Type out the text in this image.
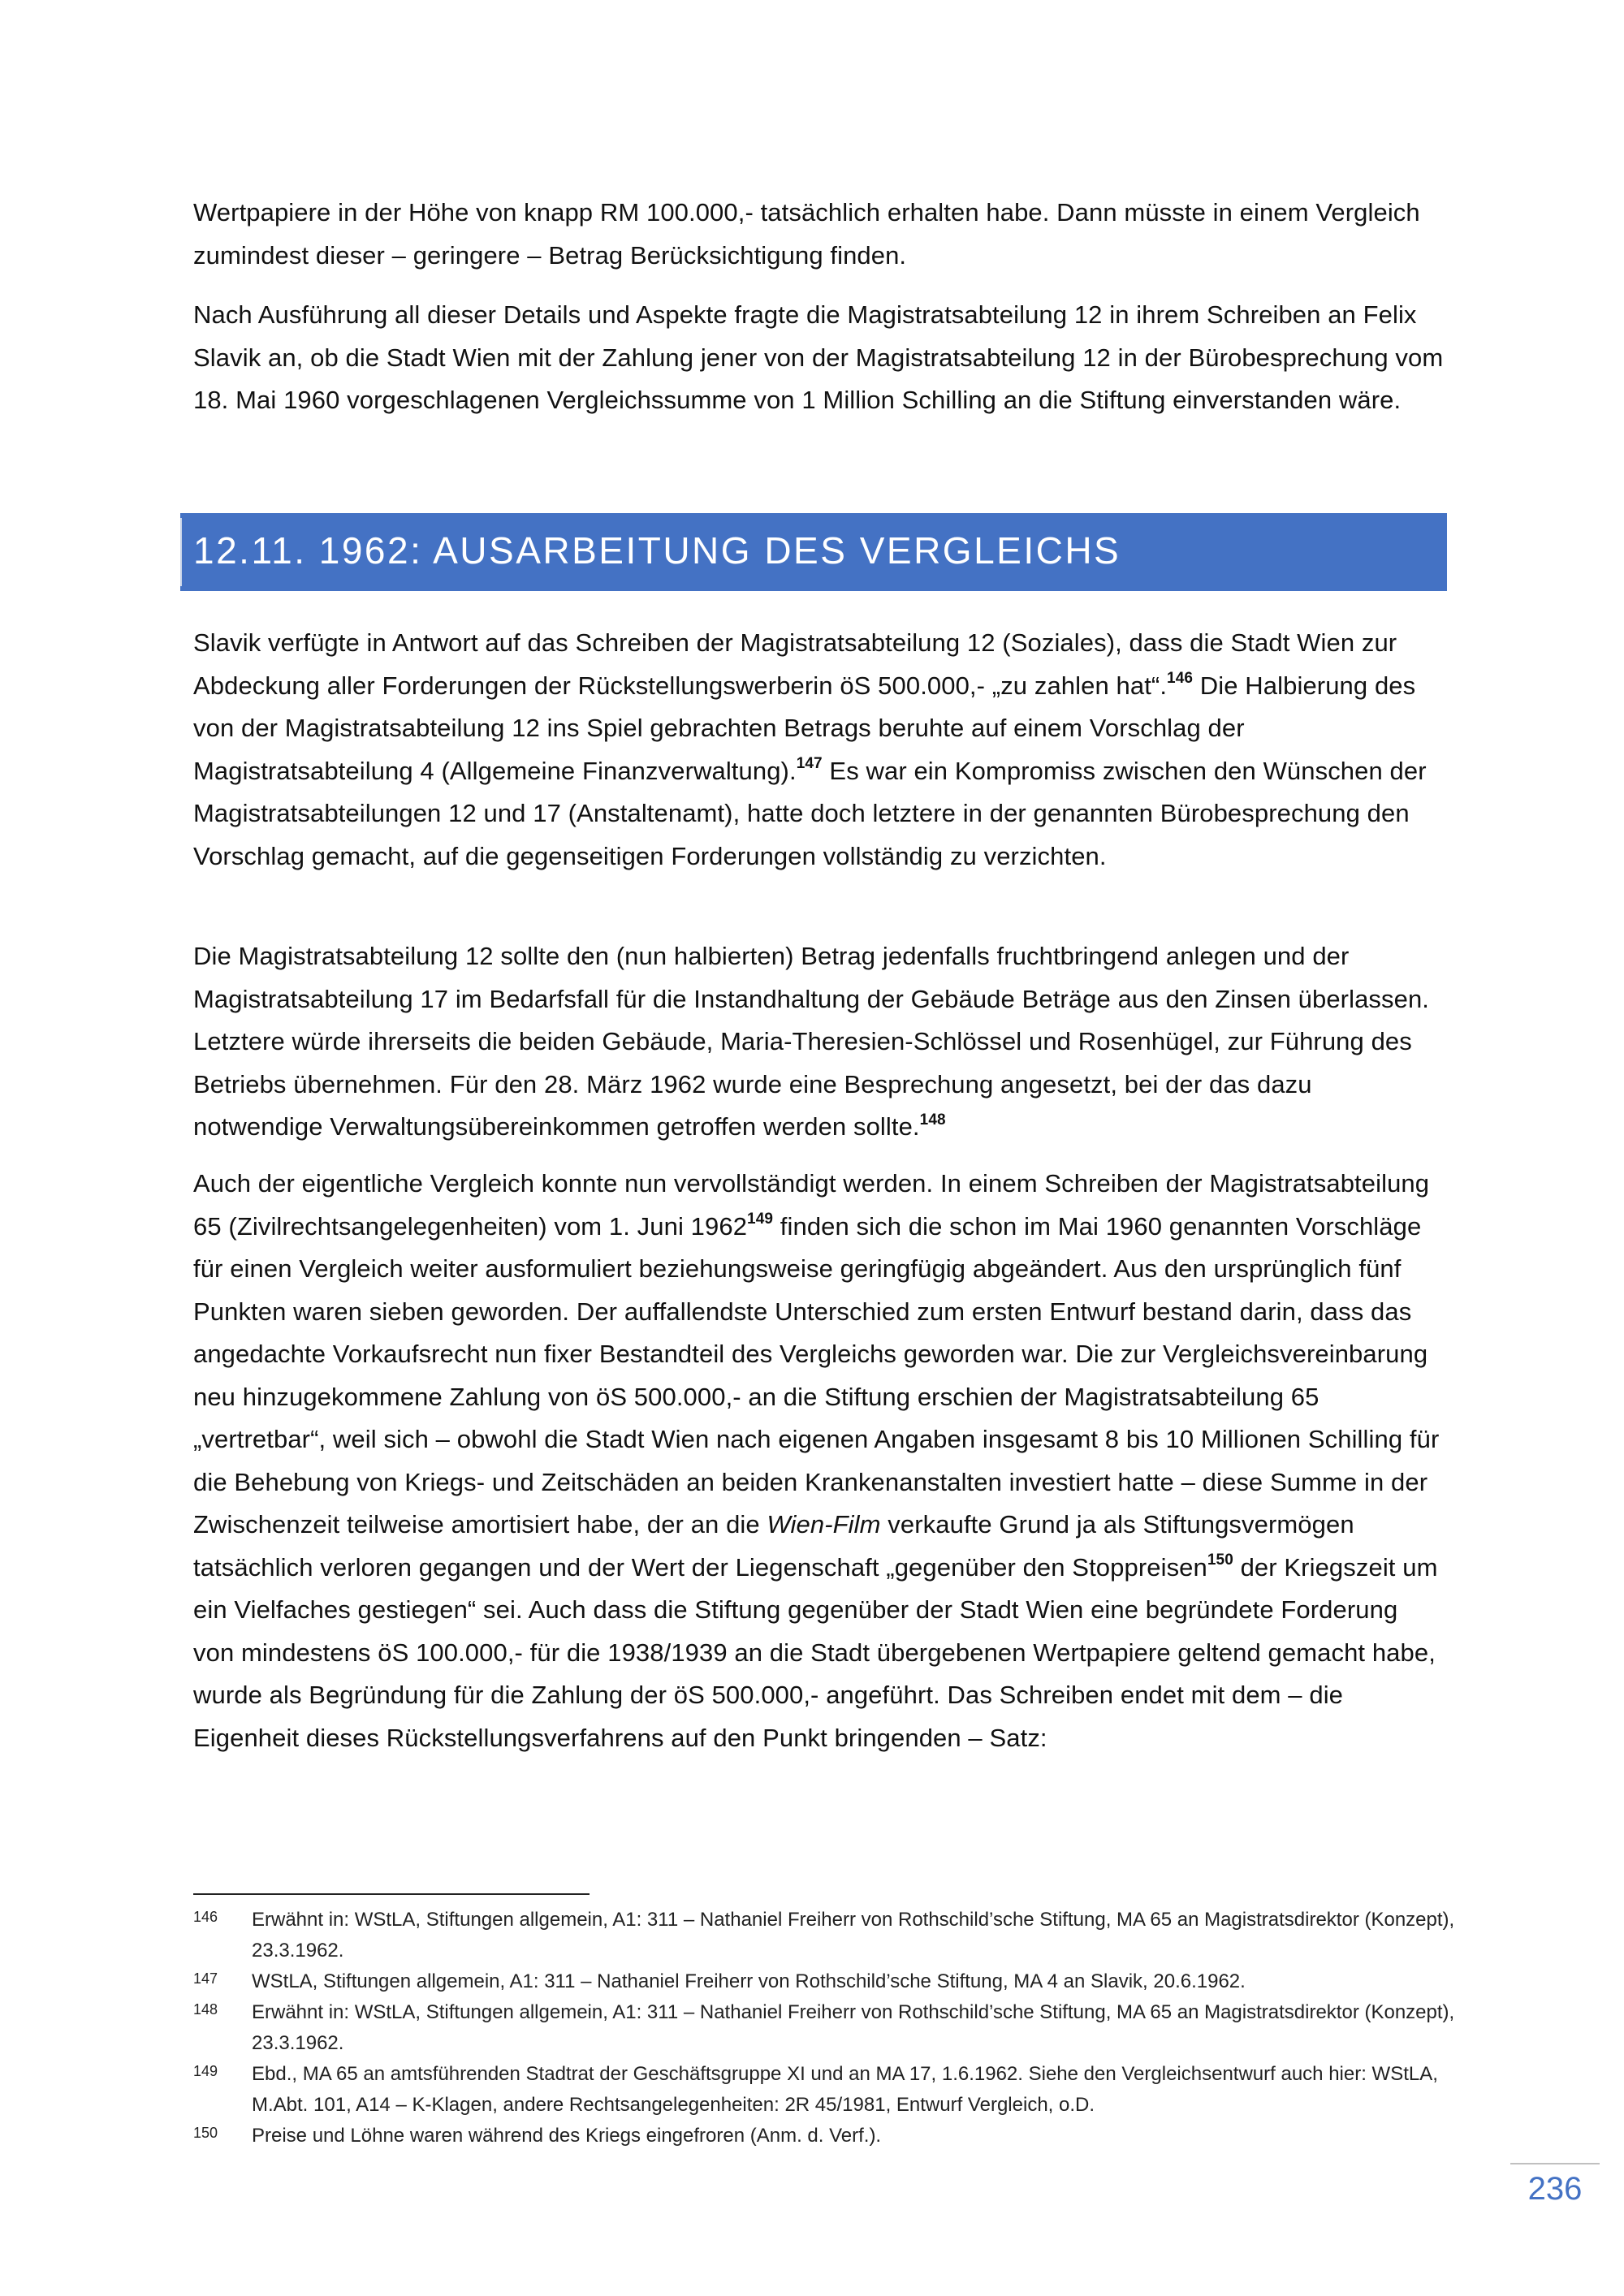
Wertpapiere in der Höhe von knapp RM 100.000,- tatsächlich erhalten habe. Dann müsste in einem Vergleich zumindest dieser – geringere – Betrag Berücksichtigung finden.

Nach Ausführung all dieser Details und Aspekte fragte die Magistratsabteilung 12 in ihrem Schreiben an Felix Slavik an, ob die Stadt Wien mit der Zahlung jener von der Magistratsabteilung 12 in der Bürobesprechung vom 18. Mai 1960 vorgeschlagenen Vergleichssumme von 1 Million Schilling an die Stiftung einverstanden wäre.

12.11. 1962: AUSARBEITUNG DES VERGLEICHS

Slavik verfügte in Antwort auf das Schreiben der Magistratsabteilung 12 (Soziales), dass die Stadt Wien zur Abdeckung aller Forderungen der Rückstellungswerberin öS 500.000,- „zu zahlen hat“.$^{146}$ Die Halbierung des von der Magistratsabteilung 12 ins Spiel gebrachten Betrags beruhte auf einem Vorschlag der Magistratsabteilung 4 (Allgemeine Finanzverwaltung).$^{147}$ Es war ein Kompromiss zwischen den Wünschen der Magistratsabteilungen 12 und 17 (Anstaltenamt), hatte doch letztere in der genannten Bürobesprechung den Vorschlag gemacht, auf die gegenseitigen Forderungen vollständig zu verzichten.

Die Magistratsabteilung 12 sollte den (nun halbierten) Betrag jedenfalls fruchtbringend anlegen und der Magistratsabteilung 17 im Bedarfsfall für die Instandhaltung der Gebäude Beträge aus den Zinsen überlassen. Letztere würde ihrerseits die beiden Gebäude, Maria-Theresien-Schlössel und Rosenhügel, zur Führung des Betriebs übernehmen. Für den 28. März 1962 wurde eine Besprechung angesetzt, bei der das dazu notwendige Verwaltungsübereinkommen getroffen werden sollte.$^{148}$

Auch der eigentliche Vergleich konnte nun vervollständigt werden. In einem Schreiben der Magistratsabteilung 65 (Zivilrechtsangelegenheiten) vom 1. Juni 1962$^{149}$ finden sich die schon im Mai 1960 genannten Vorschläge für einen Vergleich weiter ausformuliert beziehungsweise geringfügig abgeändert. Aus den ursprünglich fünf Punkten waren sieben geworden. Der auffallendste Unterschied zum ersten Entwurf bestand darin, dass das angedachte Vorkaufsrecht nun fixer Bestandteil des Vergleichs geworden war. Die zur Vergleichsvereinbarung neu hinzugekommene Zahlung von öS 500.000,- an die Stiftung erschien der Magistratsabteilung 65 „vertretbar“, weil sich – obwohl die Stadt Wien nach eigenen Angaben insgesamt 8 bis 10 Millionen Schilling für die Behebung von Kriegs- und Zeitschäden an beiden Krankenanstalten investiert hatte – diese Summe in der Zwischenzeit teilweise amortisiert habe, der an die Wien-Film verkaufte Grund ja als Stiftungsvermögen tatsächlich verloren gegangen und der Wert der Liegenschaft „gegenüber den Stoppreisen$^{150}$ der Kriegszeit um ein Vielfaches gestiegen“ sei. Auch dass die Stiftung gegenüber der Stadt Wien eine begründete Forderung von mindestens öS 100.000,- für die 1938/1939 an die Stadt übergebenen Wertpapiere geltend gemacht habe, wurde als Begründung für die Zahlung der öS 500.000,- angeführt. Das Schreiben endet mit dem – die Eigenheit dieses Rückstellungsverfahrens auf den Punkt bringenden – Satz:

146 Erwähnt in: WStLA, Stiftungen allgemein, A1: 311 – Nathaniel Freiherr von Rothschild’sche Stiftung, MA 65 an Magistratsdirektor (Konzept), 23.3.1962.
147 WStLA, Stiftungen allgemein, A1: 311 – Nathaniel Freiherr von Rothschild’sche Stiftung, MA 4 an Slavik, 20.6.1962.
148 Erwähnt in: WStLA, Stiftungen allgemein, A1: 311 – Nathaniel Freiherr von Rothschild’sche Stiftung, MA 65 an Magistratsdirektor (Konzept), 23.3.1962.
149 Ebd., MA 65 an amtsführenden Stadtrat der Geschäftsgruppe XI und an MA 17, 1.6.1962. Siehe den Vergleichsentwurf auch hier: WStLA, M.Abt. 101, A14 – K-Klagen, andere Rechtsangelegenheiten: 2R 45/1981, Entwurf Vergleich, o.D.
150 Preise und Löhne waren während des Kriegs eingefroren (Anm. d. Verf.).
236
